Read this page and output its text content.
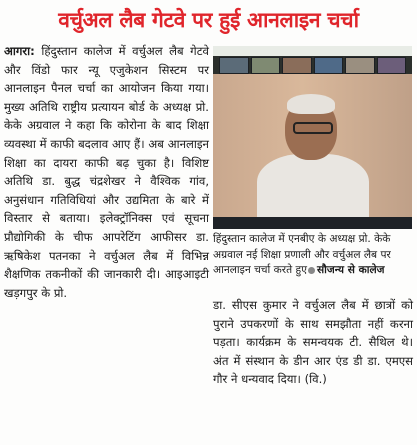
वर्चुअल लैब गेटवे पर हुई आनलाइन चर्चा

आगरा: हिंदुस्तान कालेज में वर्चुअल लैब गेटवे और विंडो फार न्यू एजुकेशन सिस्टम पर आनलाइन पैनल चर्चा का आयोजन किया गया। मुख्य अतिथि राष्ट्रीय प्रत्यायन बोर्ड के अध्यक्ष प्रो. केके अग्रवाल ने कहा कि कोरोना के बाद शिक्षा व्यवस्था में काफी बदलाव आए हैं। अब आनलाइन शिक्षा का दायरा काफी बढ़ चुका है। विशिष्ट अतिथि डा. बुद्ध चंद्रशेखर ने वैश्विक गांव, अनुसंधान गतिविधियां और उद्यमिता के बारे में विस्तार से बताया। इलेक्ट्रॉनिक्स एवं सूचना प्रौद्योगिकी के चीफ आपरेटिंग आफीसर डा. ऋषिकेश पतनका ने वर्चुअल लैब में विभिन्न शैक्षणिक तकनीकों की जानकारी दी। आइआइटी खड़गपुर के प्रो.

हिंदुस्तान कालेज में एनबीए के अध्यक्ष प्रो. केके अग्रवाल नई शिक्षा प्रणाली और वर्चुअल लैब पर आनलाइन चर्चा करते हुए सौजन्य से कालेज

डा. सीएस कुमार ने वर्चुअल लैब में छात्रों को पुराने उपकरणों के साथ समझौता नहीं करना पड़ता। कार्यक्रम के समन्वयक टी. सैथिल थे। अंत में संस्थान के डीन आर एंड डी डा. एमएस गौर ने धन्यवाद दिया। (वि.)
